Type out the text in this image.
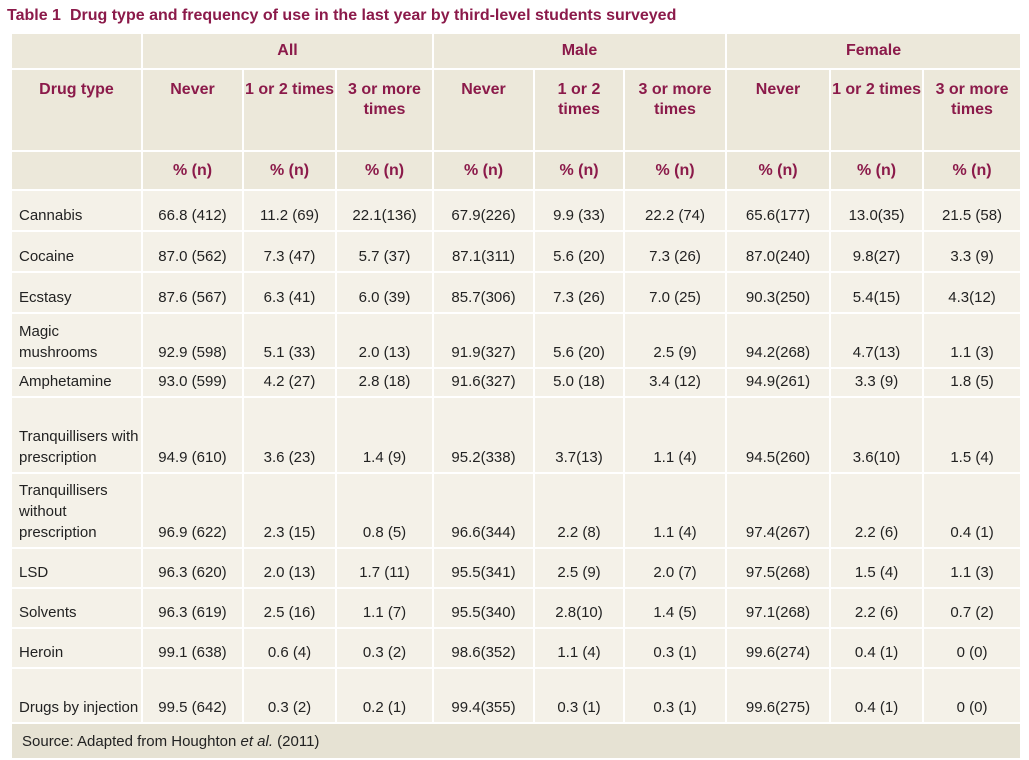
Table 1 Drug type and frequency of use in the last year by third-level students surveyed
	All			Male			Female		
Drug type	Never	1 or 2 times	3 or more times	Never	1 or 2 times	3 or more times	Never	1 or 2 times	3 or more times
	% (n)	% (n)	% (n)	% (n)	% (n)	% (n)	% (n)	% (n)	% (n)
Cannabis	66.8 (412)	11.2 (69)	22.1(136)	67.9(226)	9.9 (33)	22.2 (74)	65.6(177)	13.0(35)	21.5 (58)
Cocaine	87.0 (562)	7.3 (47)	5.7 (37)	87.1(311)	5.6 (20)	7.3 (26)	87.0(240)	9.8(27)	3.3 (9)
Ecstasy	87.6 (567)	6.3 (41)	6.0 (39)	85.7(306)	7.3 (26)	7.0 (25)	90.3(250)	5.4(15)	4.3(12)
Magic mushrooms	92.9 (598)	5.1 (33)	2.0 (13)	91.9(327)	5.6 (20)	2.5 (9)	94.2(268)	4.7(13)	1.1 (3)
Amphetamine	93.0 (599)	4.2 (27)	2.8 (18)	91.6(327)	5.0 (18)	3.4 (12)	94.9(261)	3.3 (9)	1.8 (5)
Tranquillisers with prescription	94.9 (610)	3.6 (23)	1.4 (9)	95.2(338)	3.7(13)	1.1 (4)	94.5(260)	3.6(10)	1.5 (4)
Tranquillisers without prescription	96.9 (622)	2.3 (15)	0.8 (5)	96.6(344)	2.2 (8)	1.1 (4)	97.4(267)	2.2 (6)	0.4 (1)
LSD	96.3 (620)	2.0 (13)	1.7 (11)	95.5(341)	2.5 (9)	2.0 (7)	97.5(268)	1.5 (4)	1.1 (3)
Solvents	96.3 (619)	2.5 (16)	1.1 (7)	95.5(340)	2.8(10)	1.4 (5)	97.1(268)	2.2 (6)	0.7 (2)
Heroin	99.1 (638)	0.6 (4)	0.3 (2)	98.6(352)	1.1 (4)	0.3 (1)	99.6(274)	0.4 (1)	0 (0)
Drugs by injection	99.5 (642)	0.3 (2)	0.2 (1)	99.4(355)	0.3 (1)	0.3 (1)	99.6(275)	0.4 (1)	0 (0)
Source: Adapted from Houghton et al. (2011)									
